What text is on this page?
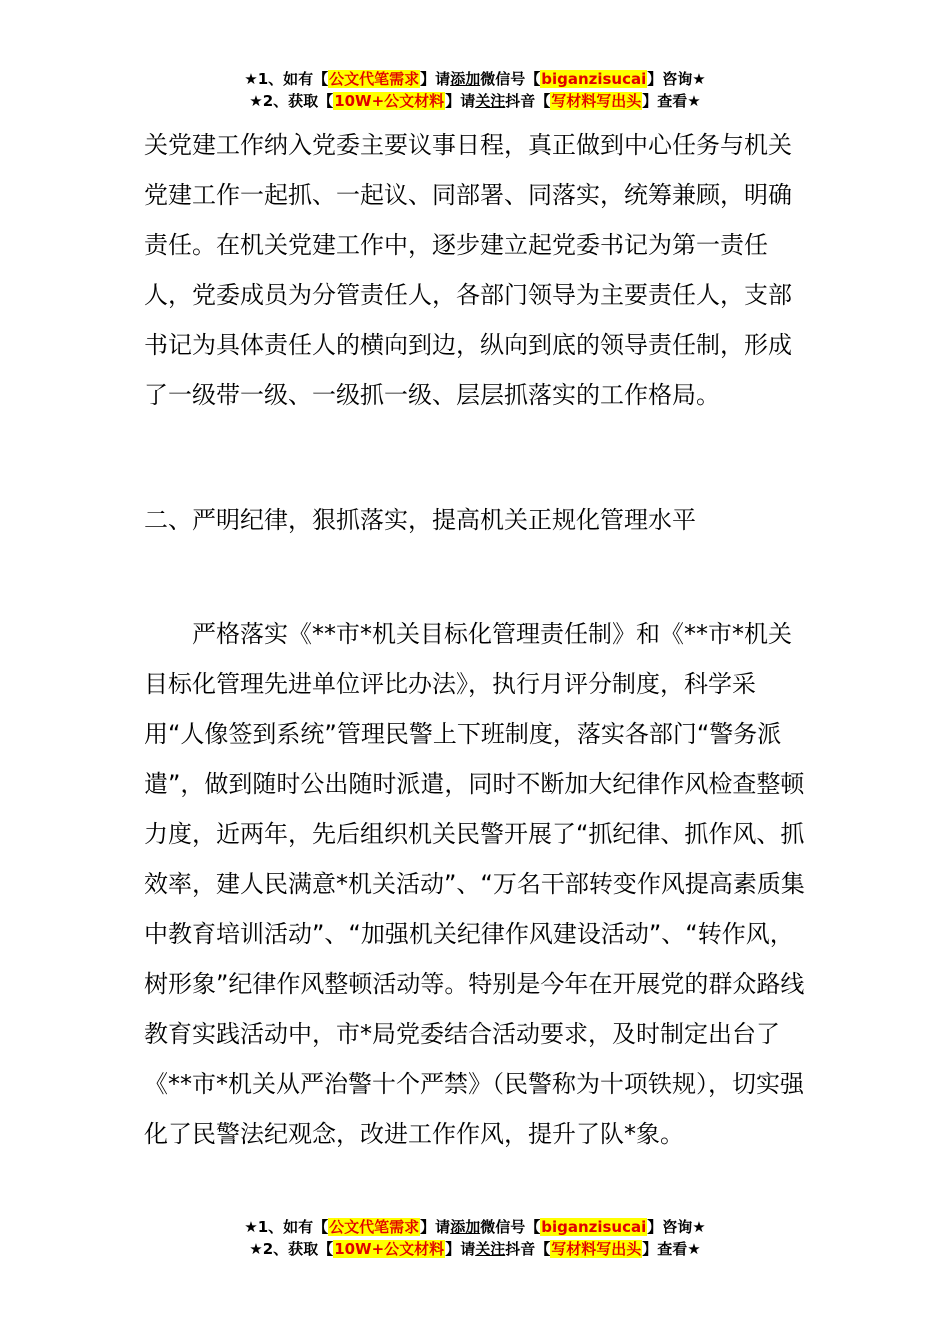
★1、如有【公文代笔需求】请添加微信号【biganzisucai】咨询★
★2、获取【10W+公文材料】请关注抖音【写材料写出头】查看★

关党建工作纳入党委主要议事日程，真正做到中心任务与机关党建工作一起抓、一起议、同部署、同落实，统筹兼顾，明确责任。在机关党建工作中，逐步建立起党委书记为第一责任人，党委成员为分管责任人，各部门领导为主要责任人，支部书记为具体责任人的横向到边，纵向到底的领导责任制，形成了一级带一级、一级抓一级、层层抓落实的工作格局。

二、严明纪律，狠抓落实，提高机关正规化管理水平

严格落实《**市*机关目标化管理责任制》和《**市*机关目标化管理先进单位评比办法》，执行月评分制度，科学采用“人像签到系统”管理民警上下班制度，落实各部门“警务派遣”，做到随时公出随时派遣，同时不断加大纪律作风检查整顿力度，近两年，先后组织机关民警开展了“抓纪律、抓作风、抓效率，建人民满意*机关活动”、“万名干部转变作风提高素质集中教育培训活动”、“加强机关纪律作风建设活动”、“转作风，树形象”纪律作风整顿活动等。特别是今年在开展党的群众路线教育实践活动中，市*局党委结合活动要求，及时制定出台了《**市*机关从严治警十个严禁》（民警称为十项铁规），切实强化了民警法纪观念，改进工作作风，提升了队*象。

★1、如有【公文代笔需求】请添加微信号【biganzisucai】咨询★
★2、获取【10W+公文材料】请关注抖音【写材料写出头】查看★
